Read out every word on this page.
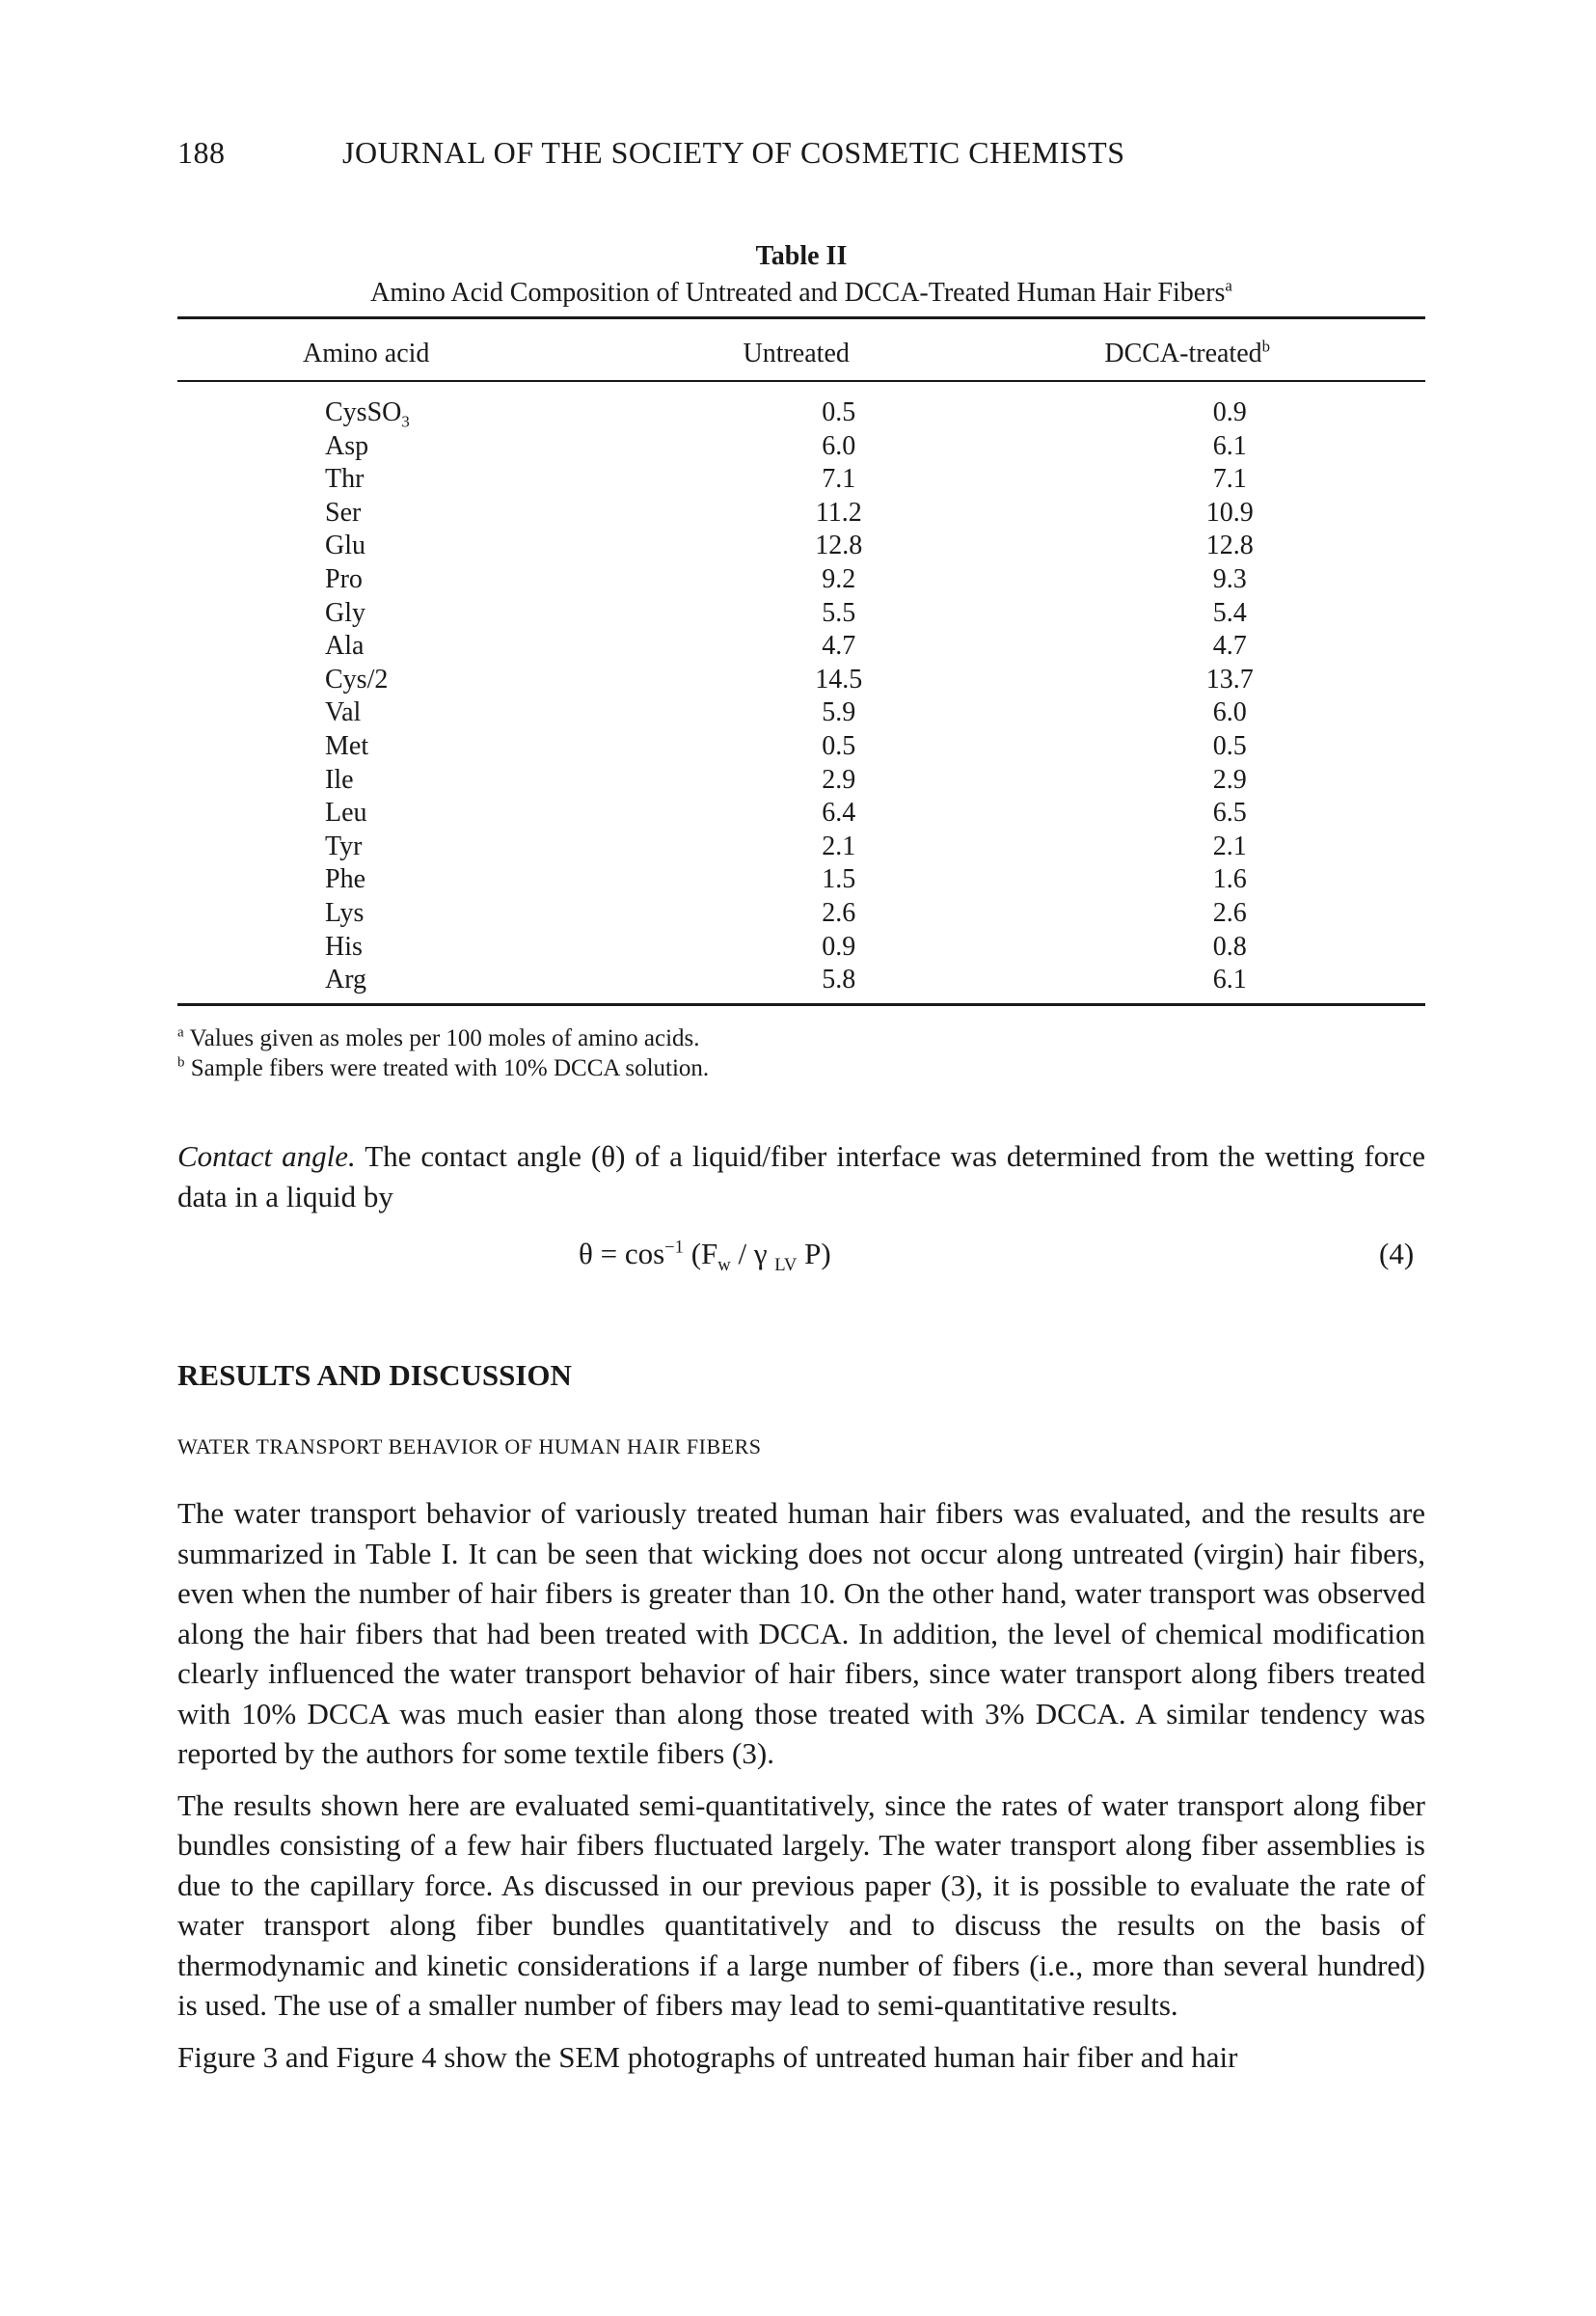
188	JOURNAL OF THE SOCIETY OF COSMETIC CHEMISTS
Table II
Amino Acid Composition of Untreated and DCCA-Treated Human Hair Fibers$^a$
Amino acid	Untreated	DCCA-treated$^b$
CysSO$_3$	0.5	0.9
Asp	6.0	6.1
Thr	7.1	7.1
Ser	11.2	10.9
Glu	12.8	12.8
Pro	9.2	9.3
Gly	5.5	5.4
Ala	4.7	4.7
Cys/2	14.5	13.7
Val	5.9	6.0
Met	0.5	0.5
Ile	2.9	2.9
Leu	6.4	6.5
Tyr	2.1	2.1
Phe	1.5	1.6
Lys	2.6	2.6
His	0.9	0.8
Arg	5.8	6.1
$^a$ Values given as moles per 100 moles of amino acids.
$^b$ Sample fibers were treated with 10% DCCA solution.

Contact angle. The contact angle (θ) of a liquid/fiber interface was determined from the wetting force data in a liquid by

$\theta = \cos^{-1} (F_w / \gamma$ $_{LV}$ P)	(4)
RESULTS AND DISCUSSION
WATER TRANSPORT BEHAVIOR OF HUMAN HAIR FIBERS

The water transport behavior of variously treated human hair fibers was evaluated, and the results are summarized in Table I. It can be seen that wicking does not occur along untreated (virgin) hair fibers, even when the number of hair fibers is greater than 10. On the other hand, water transport was observed along the hair fibers that had been treated with DCCA. In addition, the level of chemical modification clearly influenced the water transport behavior of hair fibers, since water transport along fibers treated with 10% DCCA was much easier than along those treated with 3% DCCA. A similar tendency was reported by the authors for some textile fibers (3).

The results shown here are evaluated semi-quantitatively, since the rates of water transport along fiber bundles consisting of a few hair fibers fluctuated largely. The water transport along fiber assemblies is due to the capillary force. As discussed in our previous paper (3), it is possible to evaluate the rate of water transport along fiber bundles quantitatively and to discuss the results on the basis of thermodynamic and kinetic considerations if a large number of fibers (i.e., more than several hundred) is used. The use of a smaller number of fibers may lead to semi-quantitative results.

Figure 3 and Figure 4 show the SEM photographs of untreated human hair fiber and hair
